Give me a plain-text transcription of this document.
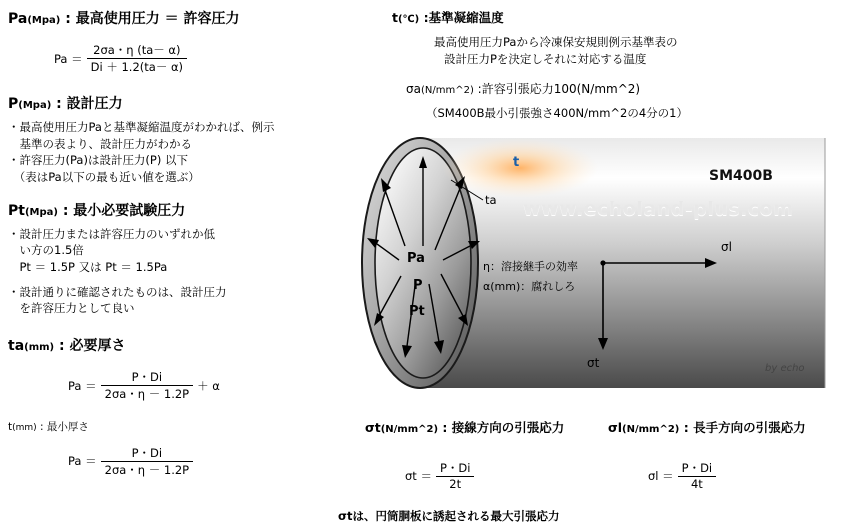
Pa(Mpa) : 最高使用圧力 ＝ 許容圧力
$Pa = \frac{2\sigma a・\eta (ta- \alpha)}{Di + 1.2(ta- \alpha)}$
P(Mpa) : 設計圧力
・最高使用圧力Paと基準凝縮温度がわかれば、例示
　基準の表より、設計圧力がわかる
・許容圧力(Pa)は設計圧力(P) 以下
　（表はPa以下の最も近い値を選ぶ）
Pt(Mpa) : 最小必要試験圧力
・設計圧力または許容圧力のいずれか低
　い方の1.5倍
　Pt ＝ 1.5P 又は Pt ＝ 1.5Pa
・設計通りに確認されたものは、設計圧力
　を許容圧力として良い
ta(mm) : 必要厚さ
$Pa = \frac{P・Di}{2\sigma a・\eta - 1.2P} + \alpha$
t(mm) : 最小厚さ
$Pa = \frac{P・Di}{2\sigma a・\eta - 1.2P}$
t(℃) :基準凝縮温度
最高使用圧力Paから冷凍保安規則例示基準表の
設計圧力Pを決定しそれに対応する温度
σa(N/mm^2) :許容引張応力100(N/mm^2)
（SM400B最小引張強さ400N/mm^2の4分の1）
t
SM400B
www.echoland-plus.com
ta
Pa
P
Pt
η：溶接継手の効率
α(mm)：腐れしろ
σl
σt	by echo
σt(N/mm^2) : 接線方向の引張応力
$\sigma t = \frac{P・Di}{2t}$
σl(N/mm^2) : 長手方向の引張応力
$\sigma l = \frac{P・Di}{4t}$
σtは、円筒胴板に誘起される最大引張応力
